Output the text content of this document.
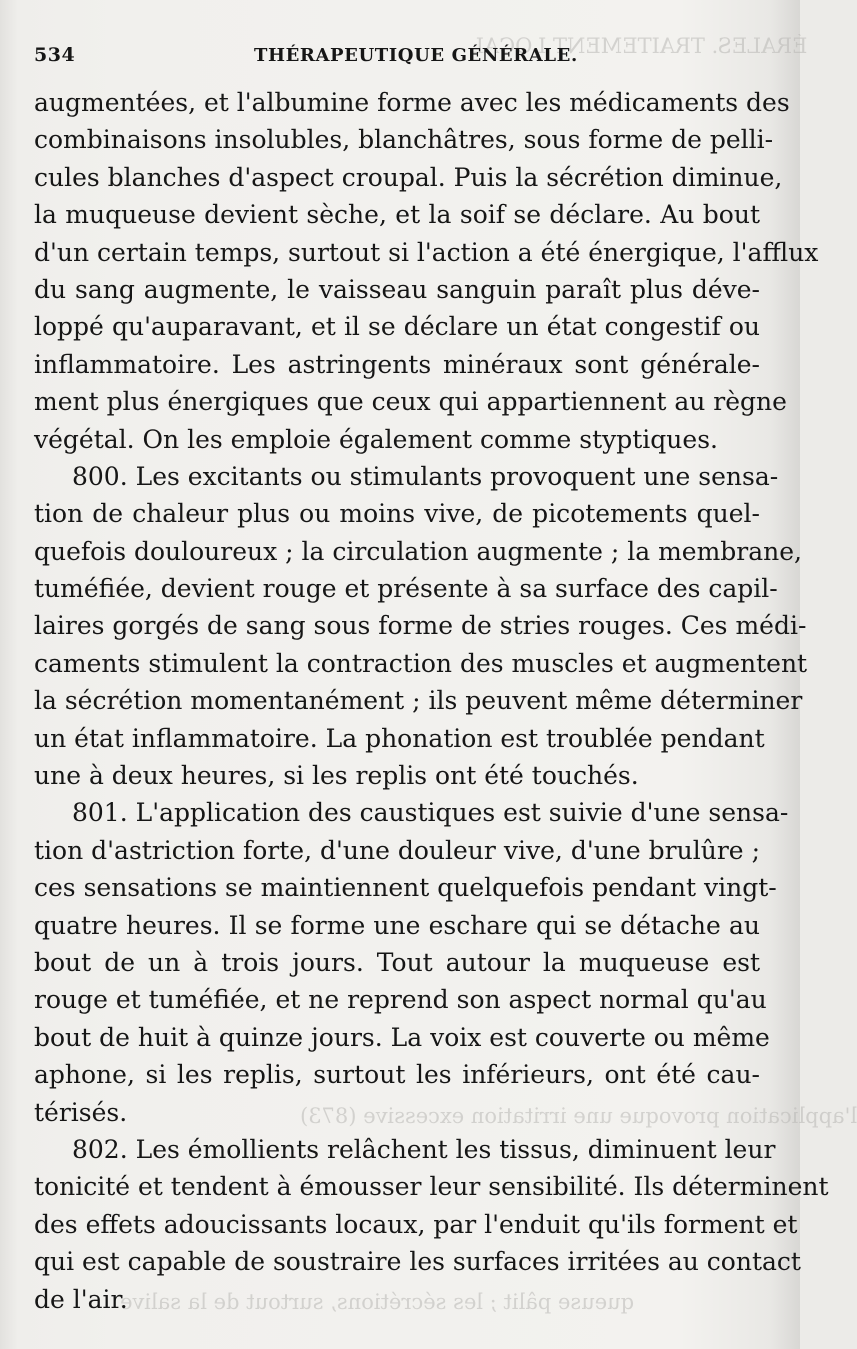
ÉRALES. TRAITEMENT LOCAL
l'application provoque une irritation excessive (873)
queuse pâlit ; les sécrétions, surtout de la salive
534	THÉRAPEUTIQUE GÉNÉRALE.
augmentées, et l'albumine forme avec les médicaments des
combinaisons insolubles, blanchâtres, sous forme de pelli-
cules blanches d'aspect croupal. Puis la sécrétion diminue,
la muqueuse devient sèche, et la soif se déclare. Au bout
d'un certain temps, surtout si l'action a été énergique, l'afflux
du sang augmente, le vaisseau sanguin paraît plus déve-
loppé qu'auparavant, et il se déclare un état congestif ou
inflammatoire. Les astringents minéraux sont générale-
ment plus énergiques que ceux qui appartiennent au règne
végétal. On les emploie également comme styptiques.
800. Les excitants ou stimulants provoquent une sensa-
tion de chaleur plus ou moins vive, de picotements quel-
quefois douloureux ; la circulation augmente ; la membrane,
tuméfiée, devient rouge et présente à sa surface des capil-
laires gorgés de sang sous forme de stries rouges. Ces médi-
caments stimulent la contraction des muscles et augmentent
la sécrétion momentanément ; ils peuvent même déterminer
un état inflammatoire. La phonation est troublée pendant
une à deux heures, si les replis ont été touchés.
801. L'application des caustiques est suivie d'une sensa-
tion d'astriction forte, d'une douleur vive, d'une brulûre ;
ces sensations se maintiennent quelquefois pendant vingt-
quatre heures. Il se forme une eschare qui se détache au
bout de un à trois jours. Tout autour la muqueuse est
rouge et tuméfiée, et ne reprend son aspect normal qu'au
bout de huit à quinze jours. La voix est couverte ou même
aphone, si les replis, surtout les inférieurs, ont été cau-
térisés.
802. Les émollients relâchent les tissus, diminuent leur
tonicité et tendent à émousser leur sensibilité. Ils déterminent
des effets adoucissants locaux, par l'enduit qu'ils forment et
qui est capable de soustraire les surfaces irritées au contact
de l'air.
